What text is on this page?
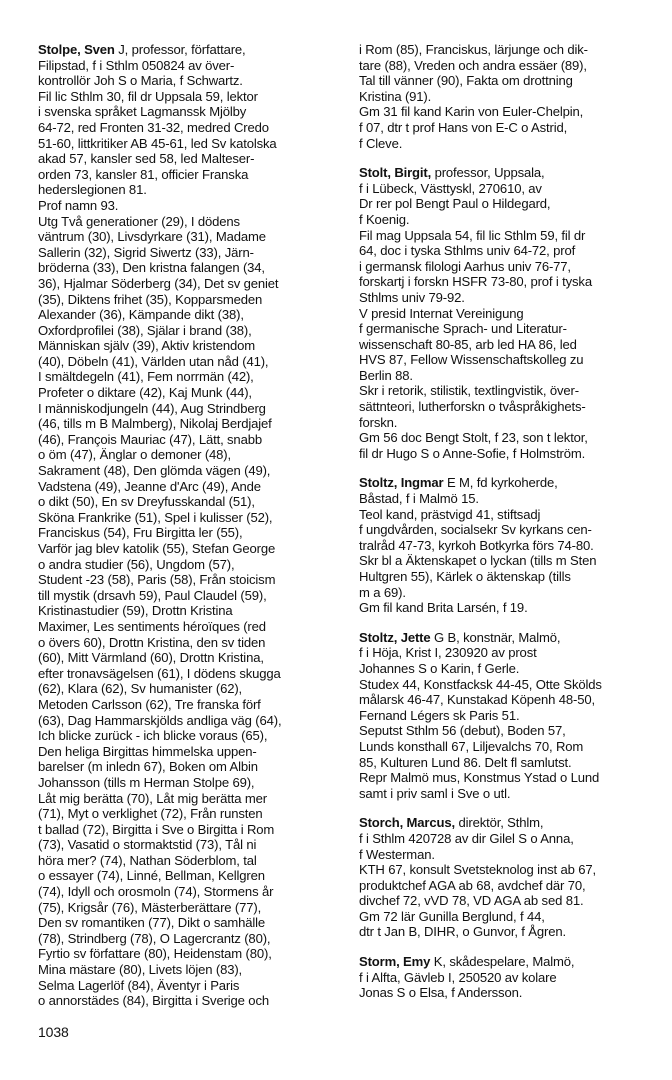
Stolpe, Sven J, professor, författare,
Filipstad, f i Sthlm 050824 av över-
kontrollör Joh S o Maria, f Schwartz.
Fil lic Sthlm 30, fil dr Uppsala 59, lektor
i svenska språket Lagmanssk Mjölby
64-72, red Fronten 31-32, medred Credo
51-60, littkritiker AB 45-61, led Sv katolska
akad 57, kansler sed 58, led Malteser-
orden 73, kansler 81, officier Franska
hederslegionen 81.
Prof namn 93.
Utg Två generationer (29), I dödens
väntrum (30), Livsdyrkare (31), Madame
Sallerin (32), Sigrid Siwertz (33), Järn-
bröderna (33), Den kristna falangen (34,
36), Hjalmar Söderberg (34), Det sv geniet
(35), Diktens frihet (35), Kopparsmeden
Alexander (36), Kämpande dikt (38),
Oxfordprofilei (38), Själar i brand (38),
Människan själv (39), Aktiv kristendom
(40), Döbeln (41), Världen utan nåd (41),
I smältdegeln (41), Fem norrmän (42),
Profeter o diktare (42), Kaj Munk (44),
I människodjungeln (44), Aug Strindberg
(46, tills m B Malmberg), Nikolaj Berdjajef
(46), François Mauriac (47), Lätt, snabb
o öm (47), Änglar o demoner (48),
Sakrament (48), Den glömda vägen (49),
Vadstena (49), Jeanne d'Arc (49), Ande
o dikt (50), En sv Dreyfusskandal (51),
Sköna Frankrike (51), Spel i kulisser (52),
Franciskus (54), Fru Birgitta ler (55),
Varför jag blev katolik (55), Stefan George
o andra studier (56), Ungdom (57),
Student -23 (58), Paris (58), Från stoicism
till mystik (drsavh 59), Paul Claudel (59),
Kristinastudier (59), Drottn Kristina
Maximer, Les sentiments héroïques (red
o övers 60), Drottn Kristina, den sv tiden
(60), Mitt Värmland (60), Drottn Kristina,
efter tronavsägelsen (61), I dödens skugga
(62), Klara (62), Sv humanister (62),
Metoden Carlsson (62), Tre franska förf
(63), Dag Hammarskjölds andliga väg (64),
Ich blicke zurück - ich blicke voraus (65),
Den heliga Birgittas himmelska uppen-
barelser (m inledn 67), Boken om Albin
Johansson (tills m Herman Stolpe 69),
Låt mig berätta (70), Låt mig berätta mer
(71), Myt o verklighet (72), Från runsten
t ballad (72), Birgitta i Sve o Birgitta i Rom
(73), Vasatid o stormaktstid (73), Tål ni
höra mer? (74), Nathan Söderblom, tal
o essayer (74), Linné, Bellman, Kellgren
(74), Idyll och orosmoln (74), Stormens år
(75), Krigsår (76), Mästerberättare (77),
Den sv romantiken (77), Dikt o samhälle
(78), Strindberg (78), O Lagercrantz (80),
Fyrtio sv författare (80), Heidenstam (80),
Mina mästare (80), Livets löjen (83),
Selma Lagerlöf (84), Äventyr i Paris
o annorstädes (84), Birgitta i Sverige och
i Rom (85), Franciskus, lärjunge och dik-
tare (88), Vreden och andra essäer (89),
Tal till vänner (90), Fakta om drottning
Kristina (91).
Gm 31 fil kand Karin von Euler-Chelpin,
f 07, dtr t prof Hans von E-C o Astrid,
f Cleve.
Stolt, Birgit, professor, Uppsala,
f i Lübeck, Västtyskl, 270610, av
Dr rer pol Bengt Paul o Hildegard,
f Koenig.
Fil mag Uppsala 54, fil lic Sthlm 59, fil dr
64, doc i tyska Sthlms univ 64-72, prof
i germansk filologi Aarhus univ 76-77,
forskartj i forskn HSFR 73-80, prof i tyska
Sthlms univ 79-92.
V presid Internat Vereinigung
f germanische Sprach- und Literatur-
wissenschaft 80-85, arb led HA 86, led
HVS 87, Fellow Wissenschaftskolleg zu
Berlin 88.
Skr i retorik, stilistik, textlingvistik, över-
sättnteori, lutherforskn o tvåspråkighets-
forskn.
Gm 56 doc Bengt Stolt, f 23, son t lektor,
fil dr Hugo S o Anne-Sofie, f Holmström.
Stoltz, Ingmar E M, fd kyrkoherde,
Båstad, f i Malmö 15.
Teol kand, prästvigd 41, stiftsadj
f ungdvården, socialsekr Sv kyrkans cen-
tralråd 47-73, kyrkoh Botkyrka förs 74-80.
Skr bl a Äktenskapet o lyckan (tills m Sten
Hultgren 55), Kärlek o äktenskap (tills
m a 69).
Gm fil kand Brita Larsén, f 19.
Stoltz, Jette G B, konstnär, Malmö,
f i Höja, Krist I, 230920 av prost
Johannes S o Karin, f Gerle.
Studex 44, Konstfacksk 44-45, Otte Skölds
målarsk 46-47, Kunstakad Köpenh 48-50,
Fernand Légers sk Paris 51.
Seputst Sthlm 56 (debut), Boden 57,
Lunds konsthall 67, Liljevalchs 70, Rom
85, Kulturen Lund 86. Delt fl samlutst.
Repr Malmö mus, Konstmus Ystad o Lund
samt i priv saml i Sve o utl.
Storch, Marcus, direktör, Sthlm,
f i Sthlm 420728 av dir Gilel S o Anna,
f Westerman.
KTH 67, konsult Svetsteknolog inst ab 67,
produktchef AGA ab 68, avdchef där 70,
divchef 72, vVD 78, VD AGA ab sed 81.
Gm 72 lär Gunilla Berglund, f 44,
dtr t Jan B, DIHR, o Gunvor, f Ågren.
Storm, Emy K, skådespelare, Malmö,
f i Alfta, Gävleb I, 250520 av kolare
Jonas S o Elsa, f Andersson.
1038
